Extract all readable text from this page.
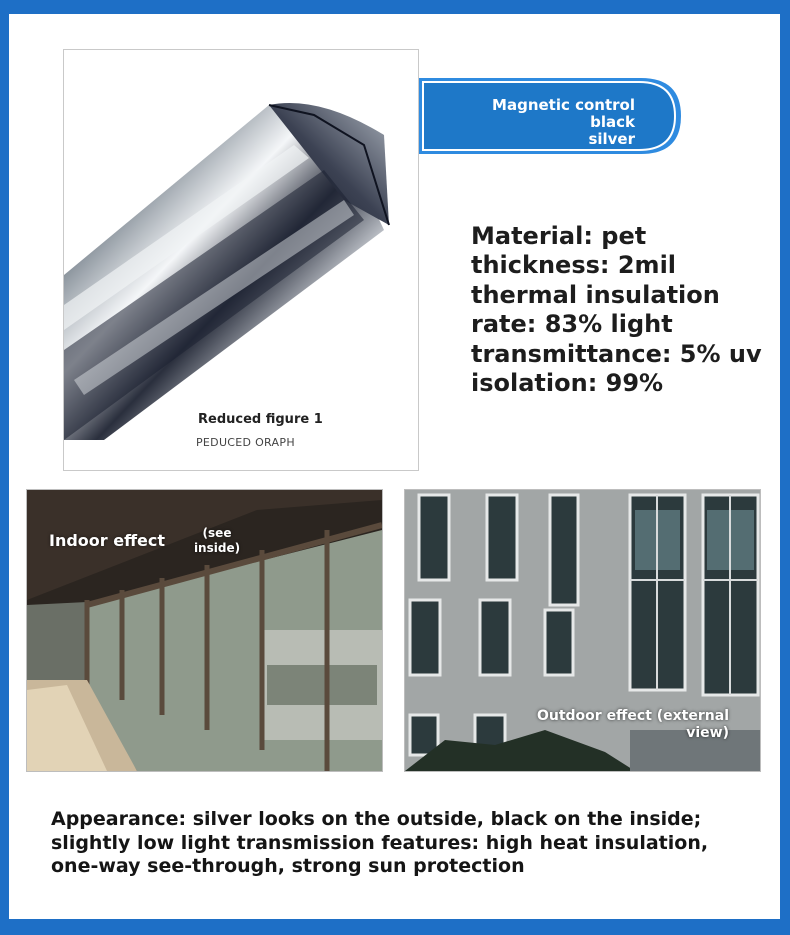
Reduced figure 1
PEDUCED ORAPH
Magnetic control black
silver
Material: pet
thickness: 2mil
thermal insulation
rate: 83% light
transmittance: 5% uv
isolation: 99%
Indoor effect	(see
inside)
Outdoor effect (external
view)
Appearance: silver looks on the outside, black on the inside;
slightly low light transmission features: high heat insulation,
one-way see-through, strong sun protection
